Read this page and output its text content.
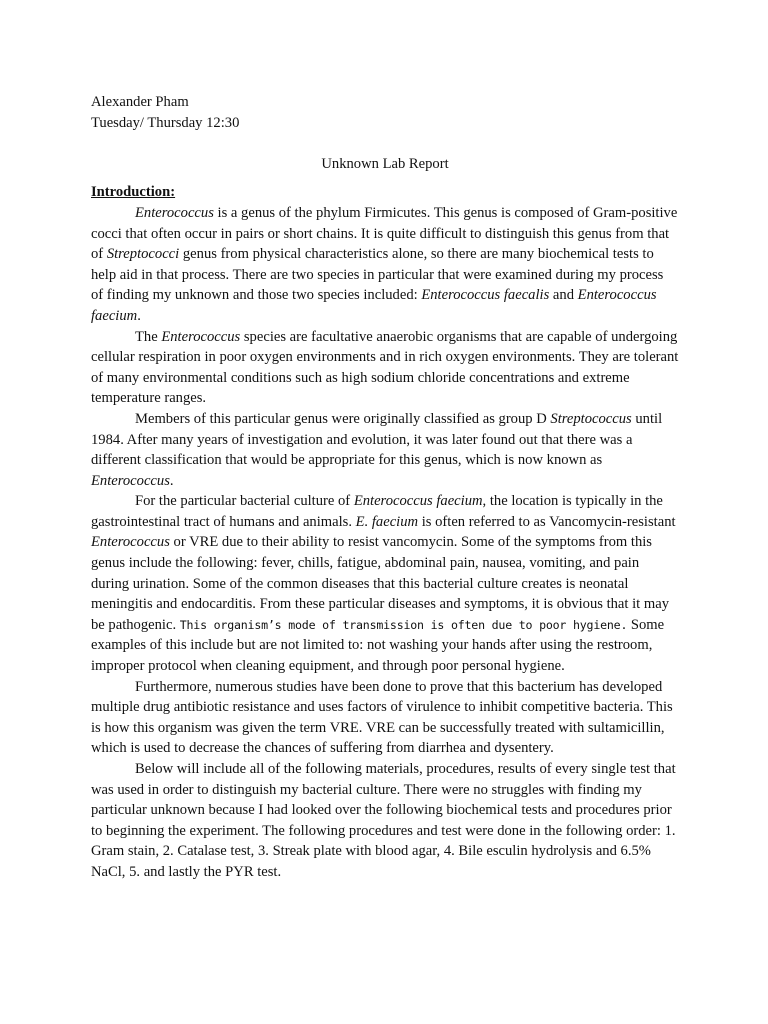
Alexander Pham

Tuesday/ Thursday 12:30

Unknown Lab Report

Introduction:

Enterococcus is a genus of the phylum Firmicutes. This genus is composed of Gram-positive cocci that often occur in pairs or short chains. It is quite difficult to distinguish this genus from that of Streptococci genus from physical characteristics alone, so there are many biochemical tests to help aid in that process. There are two species in particular that were examined during my process of finding my unknown and those two species included: Enterococcus faecalis and Enterococcus faecium.

The Enterococcus species are facultative anaerobic organisms that are capable of undergoing cellular respiration in poor oxygen environments and in rich oxygen environments. They are tolerant of many environmental conditions such as high sodium chloride concentrations and extreme temperature ranges.

Members of this particular genus were originally classified as group D Streptococcus until 1984. After many years of investigation and evolution, it was later found out that there was a different classification that would be appropriate for this genus, which is now known as Enterococcus.

For the particular bacterial culture of Enterococcus faecium, the location is typically in the gastrointestinal tract of humans and animals. E. faecium is often referred to as Vancomycin-resistant Enterococcus or VRE due to their ability to resist vancomycin. Some of the symptoms from this genus include the following: fever, chills, fatigue, abdominal pain, nausea, vomiting, and pain during urination. Some of the common diseases that this bacterial culture creates is neonatal meningitis and endocarditis. From these particular diseases and symptoms, it is obvious that it may be pathogenic. This organism’s mode of transmission is often due to poor hygiene. Some examples of this include but are not limited to: not washing your hands after using the restroom, improper protocol when cleaning equipment, and through poor personal hygiene.

Furthermore, numerous studies have been done to prove that this bacterium has developed multiple drug antibiotic resistance and uses factors of virulence to inhibit competitive bacteria. This is how this organism was given the term VRE. VRE can be successfully treated with sultamicillin, which is used to decrease the chances of suffering from diarrhea and dysentery.

Below will include all of the following materials, procedures, results of every single test that was used in order to distinguish my bacterial culture. There were no struggles with finding my particular unknown because I had looked over the following biochemical tests and procedures prior to beginning the experiment. The following procedures and test were done in the following order: 1. Gram stain, 2. Catalase test, 3. Streak plate with blood agar, 4. Bile esculin hydrolysis and 6.5% NaCl, 5. and lastly the PYR test.
